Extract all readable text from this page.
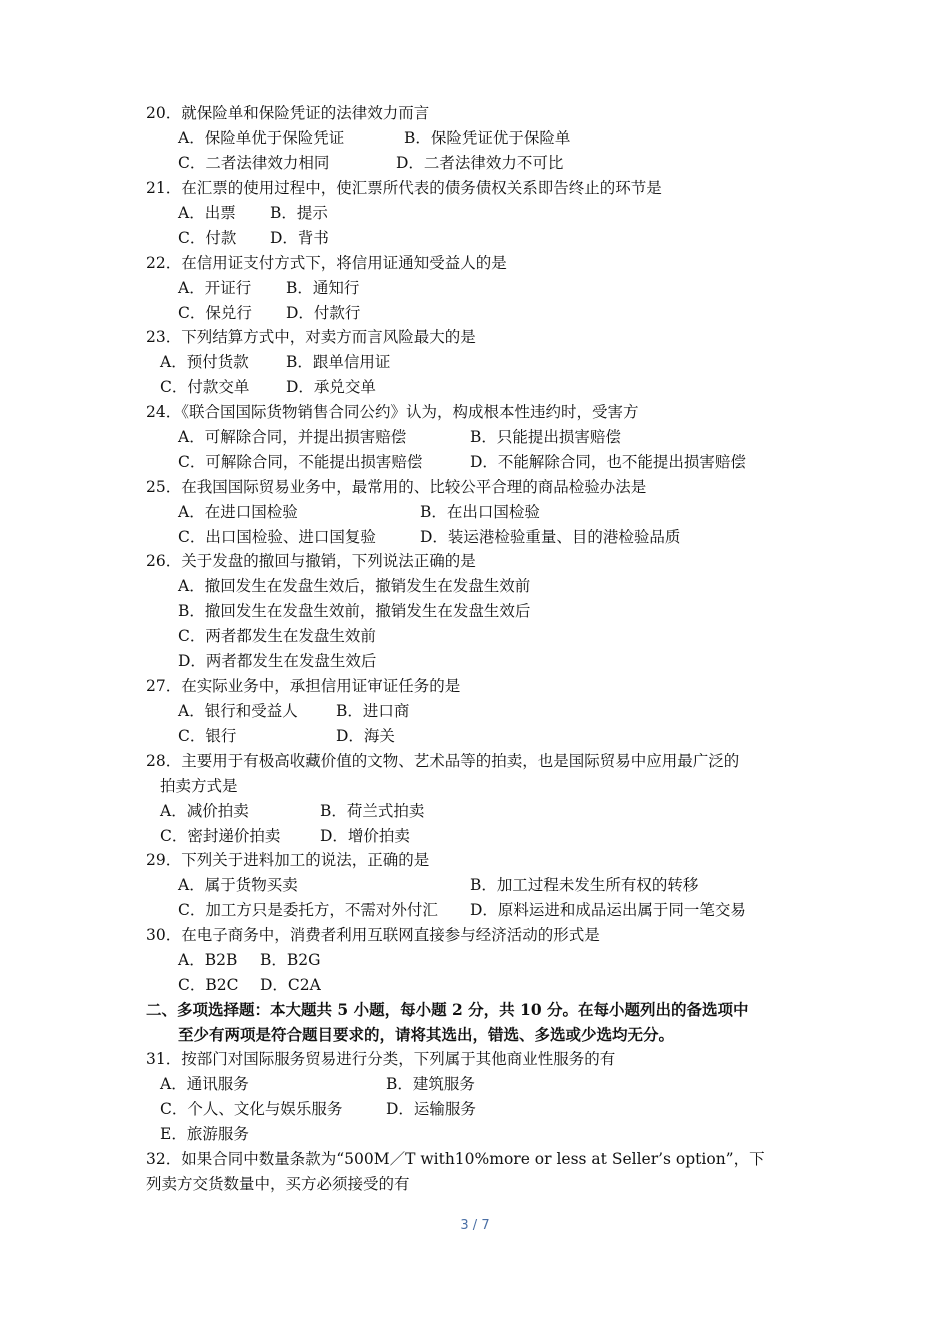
20．就保险单和保险凭证的法律效力而言
A．保险单优于保险凭证	B．保险凭证优于保险单
C．二者法律效力相同	D．二者法律效力不可比
21．在汇票的使用过程中，使汇票所代表的债务债权关系即告终止的环节是
A．出票 B．提示
C．付款 D．背书
22．在信用证支付方式下，将信用证通知受益人的是
A．开证行 B．通知行
C．保兑行 D．付款行
23．下列结算方式中，对卖方而言风险最大的是
A．预付货款 B．跟单信用证
C．付款交单 D．承兑交单
24．《联合国国际货物销售合同公约》认为，构成根本性违约时，受害方
A．可解除合同，并提出损害赔偿	B．只能提出损害赔偿
C．可解除合同，不能提出损害赔偿	D．不能解除合同，也不能提出损害赔偿
25．在我国国际贸易业务中，最常用的、比较公平合理的商品检验办法是
A．在进口国检验	B．在出口国检验
C．出口国检验、进口国复验	D．装运港检验重量、目的港检验品质
26．关于发盘的撤回与撤销，下列说法正确的是
A．撤回发生在发盘生效后，撤销发生在发盘生效前
B．撤回发生在发盘生效前，撤销发生在发盘生效后
C．两者都发生在发盘生效前
D．两者都发生在发盘生效后
27．在实际业务中，承担信用证审证任务的是
A．银行和受益人 B．进口商
C．银行	D．海关
28．主要用于有极高收藏价值的文物、艺术品等的拍卖，也是国际贸易中应用最广泛的
拍卖方式是
A．减价拍卖	B．荷兰式拍卖
C．密封递价拍卖	D．增价拍卖
29．下列关于进料加工的说法，正确的是
A．属于货物买卖	B．加工过程未发生所有权的转移
C．加工方只是委托方，不需对外付汇 D．原料运进和成品运出属于同一笔交易
30．在电子商务中，消费者利用互联网直接参与经济活动的形式是
A．B2B B．B2G
C．B2C D．C2A
二、多项选择题：本大题共 5 小题，每小题 2 分，共 10 分。在每小题列出的备选项中
至少有两项是符合题目要求的，请将其选出，错选、多选或少选均无分。
31．按部门对国际服务贸易进行分类，下列属于其他商业性服务的有
A．通讯服务	B．建筑服务
C．个人、文化与娱乐服务	D．运输服务
E．旅游服务
32．如果合同中数量条款为“500M／T with10%more or less at Seller’s option”，下
列卖方交货数量中，买方必须接受的有
3 / 7
